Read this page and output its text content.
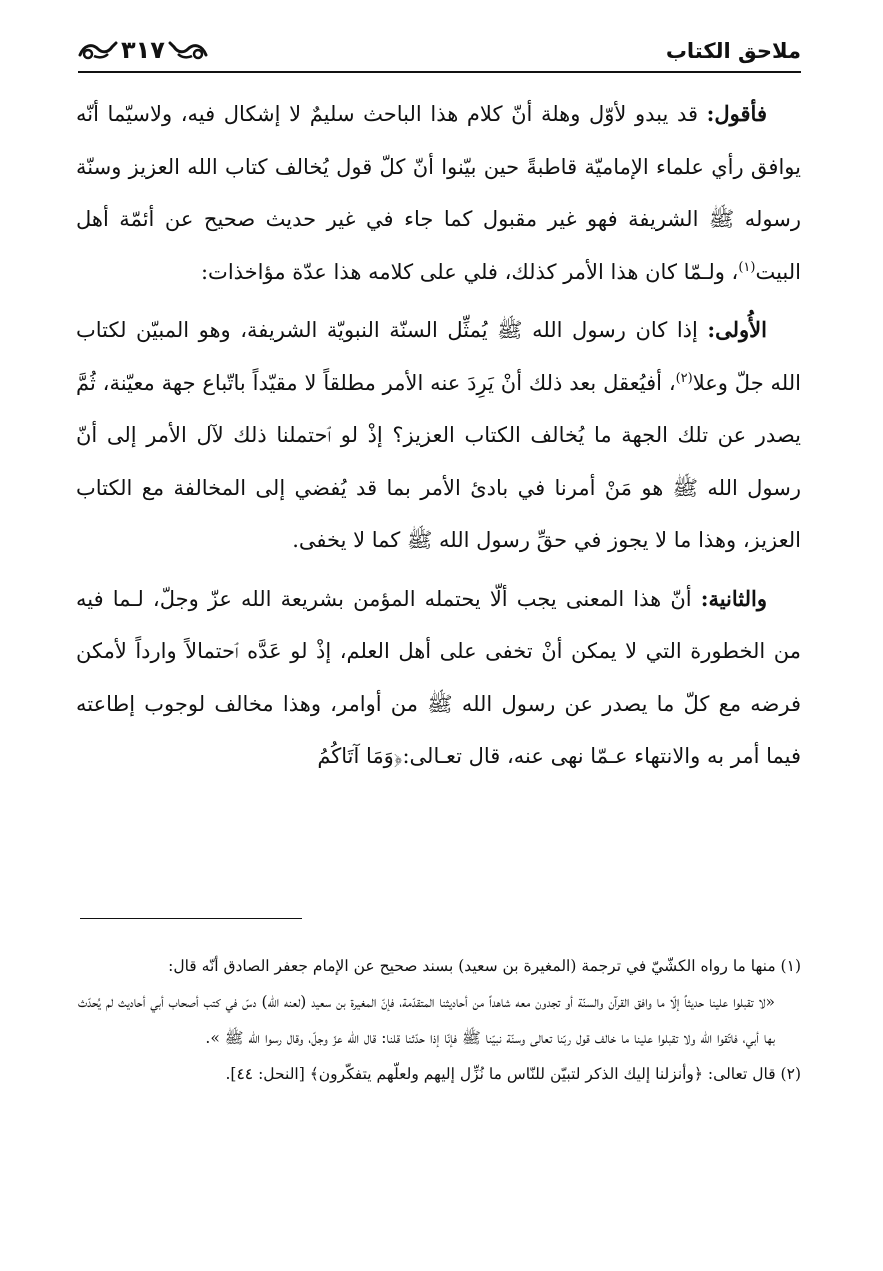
ملاحق الكتاب
٣١٧

فأقول: قد يبدو لأوّل وهلة أنّ كلام هذا الباحث سليمٌ لا إشكال فيه، ولاسيّما أنّه يوافق رأي علماء الإماميّة قاطبةً حين بيّنوا أنّ كلّ قول يُخالف كتاب الله العزيز وسنّة رسوله ﷺ الشريفة فهو غير مقبول كما جاء في غير حديث صحيح عن أئمّة أهل البيت$^{(١)}$، ولـمّا كان هذا الأمر كذلك، فلي على كلامه هذا عدّة مؤاخذات:

الأُولى: إذا كان رسول الله ﷺ يُمثِّل السنّة النبويّة الشريفة، وهو المبيّن لكتاب الله جلّ وعلا$^{(٢)}$، أفيُعقل بعد ذلك أنْ يَرِدَ عنه الأمر مطلقاً لا مقيّداً باتّباع جهة معيّنة، ثُمَّ يصدر عن تلك الجهة ما يُخالف الكتاب العزيز؟ إذْ لو ٱحتملنا ذلك لآل الأمر إلى أنّ رسول الله ﷺ هو مَنْ أمرنا في بادئ الأمر بما قد يُفضي إلى المخالفة مع الكتاب العزيز، وهذا ما لا يجوز في حقِّ رسول الله ﷺ كما لا يخفى.

والثانية: أنّ هذا المعنى يجب ألّا يحتمله المؤمن بشريعة الله عزّ وجلّ، لـما فيه من الخطورة التي لا يمكن أنْ تخفى على أهل العلم، إذْ لو عَدَّه ٱحتمالاً وارداً لأمكن فرضه مع كلّ ما يصدر عن رسول الله ﷺ من أوامر، وهذا مخالف لوجوب إطاعته فيما أمر به والانتهاء عـمّا نهى عنه، قال تعـالى:﴿وَمَا آتَاكُمُ

(١) منها ما رواه الكشّيّ في ترجمة (المغيرة بن سعيد) بسند صحيح عن الإمام جعفر الصادق أنّه قال:
«لا تقبلوا علينا حديثاً إلّا ما وافق القرآن والسنّة أو تجدون معه شاهداً من أحاديثنا المتقدّمة، فإنّ المغيرة بن سعيد (لعنه الله) دسّ في كتب أصحاب أبي أحاديث لم يُحدّث بها أبي، فاتّقوا الله ولا تقبلوا علينا ما خالف قول ربّنا تعالى وسنّة نبيّنا ﷺ فإنّا إذا حدّثنا قلنا: قال الله عزّ وجلّ، وقال رسوا الله ﷺ ».
(٢) قال تعالى: ﴿وأنزلنا إليك الذكر لتبيّن للنّاس ما نُزِّل إليهم ولعلّهم يتفكّرون﴾ [النحل: ٤٤].
